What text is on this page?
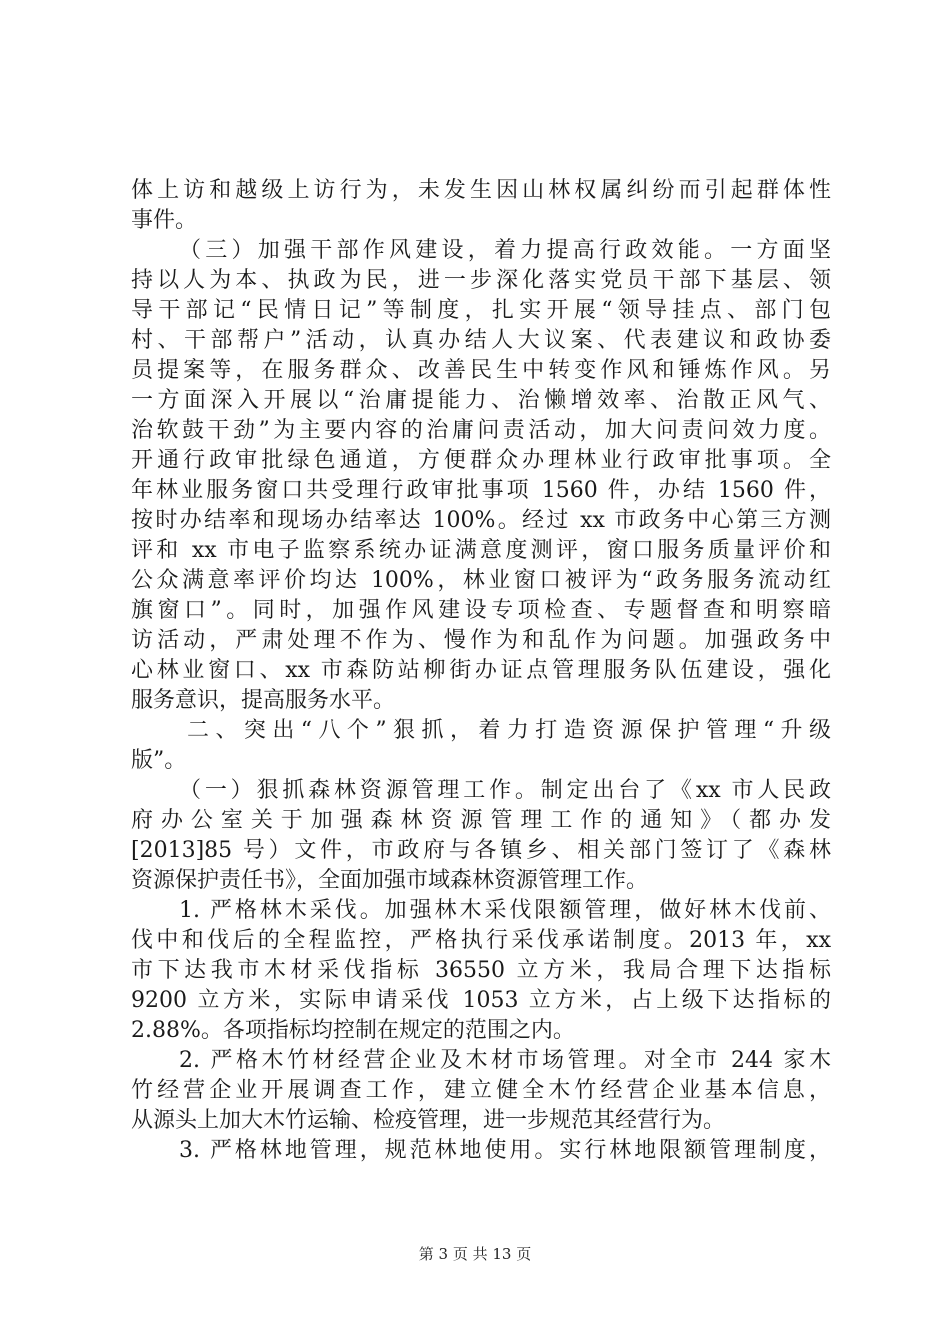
体上访和越级上访行为，未发生因山林权属纠纷而引起群体性
事件。
（三）加强干部作风建设，着力提高行政效能。一方面坚
持以人为本、执政为民，进一步深化落实党员干部下基层、领
导干部记“民情日记”等制度，扎实开展“领导挂点、部门包
村、干部帮户”活动，认真办结人大议案、代表建议和政协委
员提案等，在服务群众、改善民生中转变作风和锤炼作风。另
一方面深入开展以“治庸提能力、治懒增效率、治散正风气、
治软鼓干劲”为主要内容的治庸问责活动，加大问责问效力度。
开通行政审批绿色通道，方便群众办理林业行政审批事项。全
年林业服务窗口共受理行政审批事项 1560 件，办结 1560 件，
按时办结率和现场办结率达 100%。经过 xx 市政务中心第三方测
评和 xx 市电子监察系统办证满意度测评，窗口服务质量评价和
公众满意率评价均达 100%，林业窗口被评为“政务服务流动红
旗窗口”。同时，加强作风建设专项检查、专题督查和明察暗
访活动，严肃处理不作为、慢作为和乱作为问题。加强政务中
心林业窗口、xx 市森防站柳街办证点管理服务队伍建设，强化
服务意识，提高服务水平。
二、突出“八个”狠抓，着力打造资源保护管理“升级
版”。
（一）狠抓森林资源管理工作。制定出台了《xx 市人民政
府办公室关于加强森林资源管理工作的通知》（都办发
[2013]85 号）文件，市政府与各镇乡、相关部门签订了《森林
资源保护责任书》，全面加强市域森林资源管理工作。
1. 严格林木采伐。加强林木采伐限额管理，做好林木伐前、
伐中和伐后的全程监控，严格执行采伐承诺制度。2013 年，xx
市下达我市木材采伐指标 36550 立方米，我局合理下达指标
9200 立方米，实际申请采伐 1053 立方米，占上级下达指标的
2.88%。各项指标均控制在规定的范围之内。
2. 严格木竹材经营企业及木材市场管理。对全市 244 家木
竹经营企业开展调查工作，建立健全木竹经营企业基本信息，
从源头上加大木竹运输、检疫管理，进一步规范其经营行为。
3. 严格林地管理，规范林地使用。实行林地限额管理制度，
第 3 页 共 13 页
